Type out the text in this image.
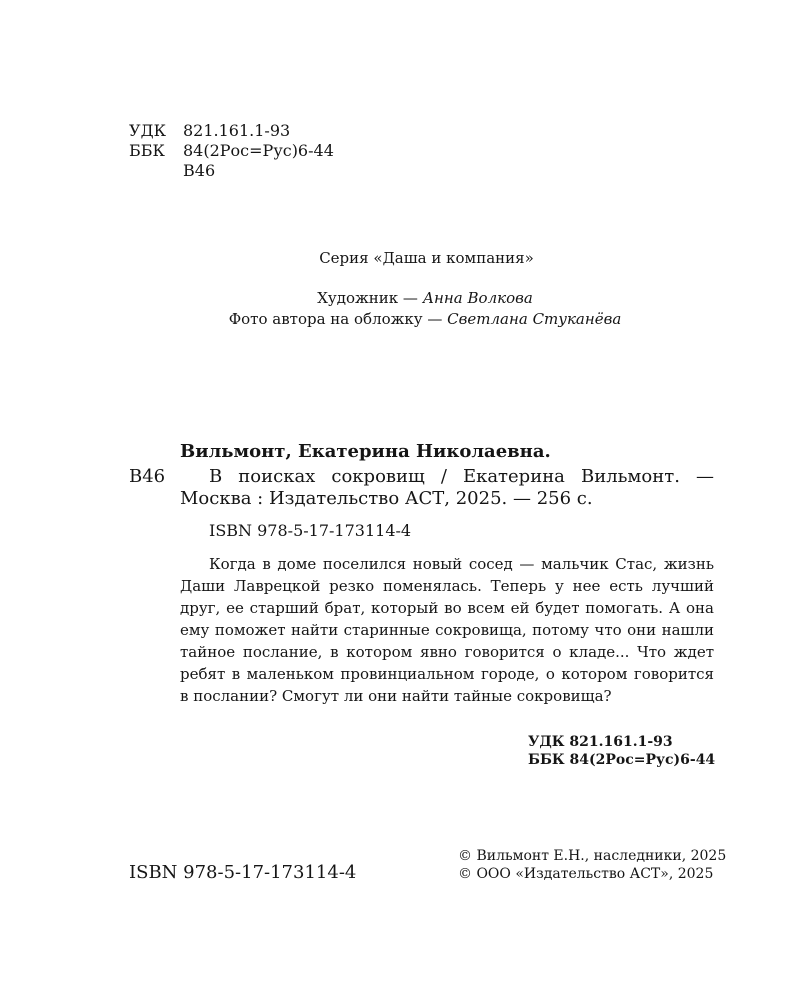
УДК 821.161.1-93
ББК 84(2Рос=Рус)6-44
В46
Серия «Даша и компания»
Художник — Анна Волкова
Фото автора на обложку — Светлана Стуканёва
Вильмонт, Екатерина Николаевна.
В46 В поисках сокровищ / Екатерина Вильмонт. —
Москва : Издательство АСТ, 2025. — 256 с.
ISBN 978-5-17-173114-4
Когда в доме поселился новый сосед — мальчик Стас, жизнь
Даши Лаврецкой резко поменялась. Теперь у нее есть лучший
друг, ее старший брат, который во всем ей будет помогать. А она
ему поможет найти старинные сокровища, потому что они нашли
тайное послание, в котором явно говорится о кладе... Что ждет
ребят в маленьком провинциальном городе, о котором говорится
в послании? Смогут ли они найти тайные сокровища?
УДК 821.161.1-93
ББК 84(2Рос=Рус)6-44
ISBN 978-5-17-173114-4
© Вильмонт Е.Н., наследники, 2025
© ООО «Издательство АСТ», 2025
